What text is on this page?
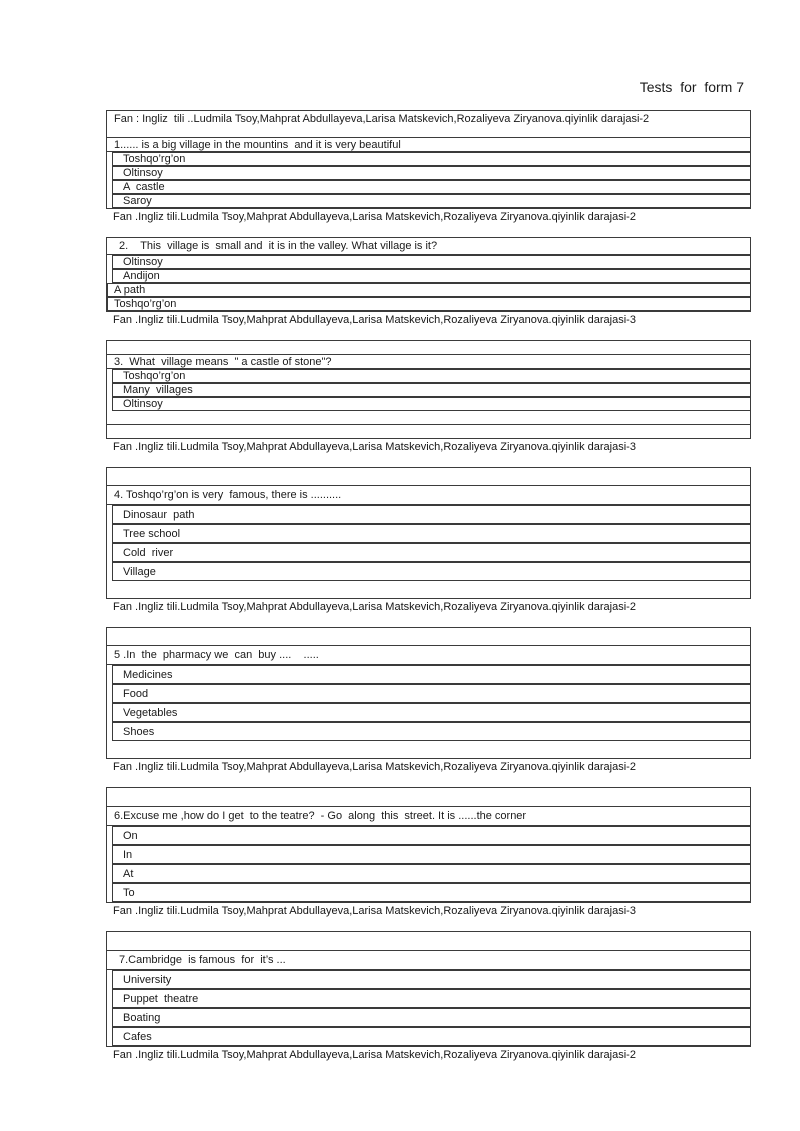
Tests  for  form 7
Fan : Ingliz  tili ..Ludmila Tsoy,Mahprat Abdullayeva,Larisa Matskevich,Rozaliyeva Ziryanova.qiyinlik darajasi-2
1...... is a big village in the mountins  and it is very beautiful
Toshqo’rg’on
Oltinsoy
A  castle
Saroy
Fan .Ingliz tili.Ludmila Tsoy,Mahprat Abdullayeva,Larisa Matskevich,Rozaliyeva Ziryanova.qiyinlik darajasi-2
2.    This  village is  small and  it is in the valley. What village is it?
Oltinsoy
Andijon
A path
Toshqo’rg’on
Fan .Ingliz tili.Ludmila Tsoy,Mahprat Abdullayeva,Larisa Matskevich,Rozaliyeva Ziryanova.qiyinlik darajasi-3
3.  What  village means  " a castle of stone"?
Toshqo’rg’on
Many  villages
Oltinsoy
Fan .Ingliz tili.Ludmila Tsoy,Mahprat Abdullayeva,Larisa Matskevich,Rozaliyeva Ziryanova.qiyinlik darajasi-3
4. Toshqo’rg’on is very  famous, there is ..........
Dinosaur  path
Tree school
Cold  river
Village
Fan .Ingliz tili.Ludmila Tsoy,Mahprat Abdullayeva,Larisa Matskevich,Rozaliyeva Ziryanova.qiyinlik darajasi-2
5 .In  the  pharmacy we  can  buy ....    .....
Medicines
Food
Vegetables
Shoes
Fan .Ingliz tili.Ludmila Tsoy,Mahprat Abdullayeva,Larisa Matskevich,Rozaliyeva Ziryanova.qiyinlik darajasi-2
6.Excuse me ,how do I get  to the teatre?  - Go  along  this  street. It is ......the corner
On
In
At
To
Fan .Ingliz tili.Ludmila Tsoy,Mahprat Abdullayeva,Larisa Matskevich,Rozaliyeva Ziryanova.qiyinlik darajasi-3
7.Cambridge  is famous  for  it’s ...
University
Puppet  theatre
Boating
Cafes
Fan .Ingliz tili.Ludmila Tsoy,Mahprat Abdullayeva,Larisa Matskevich,Rozaliyeva Ziryanova.qiyinlik darajasi-2
